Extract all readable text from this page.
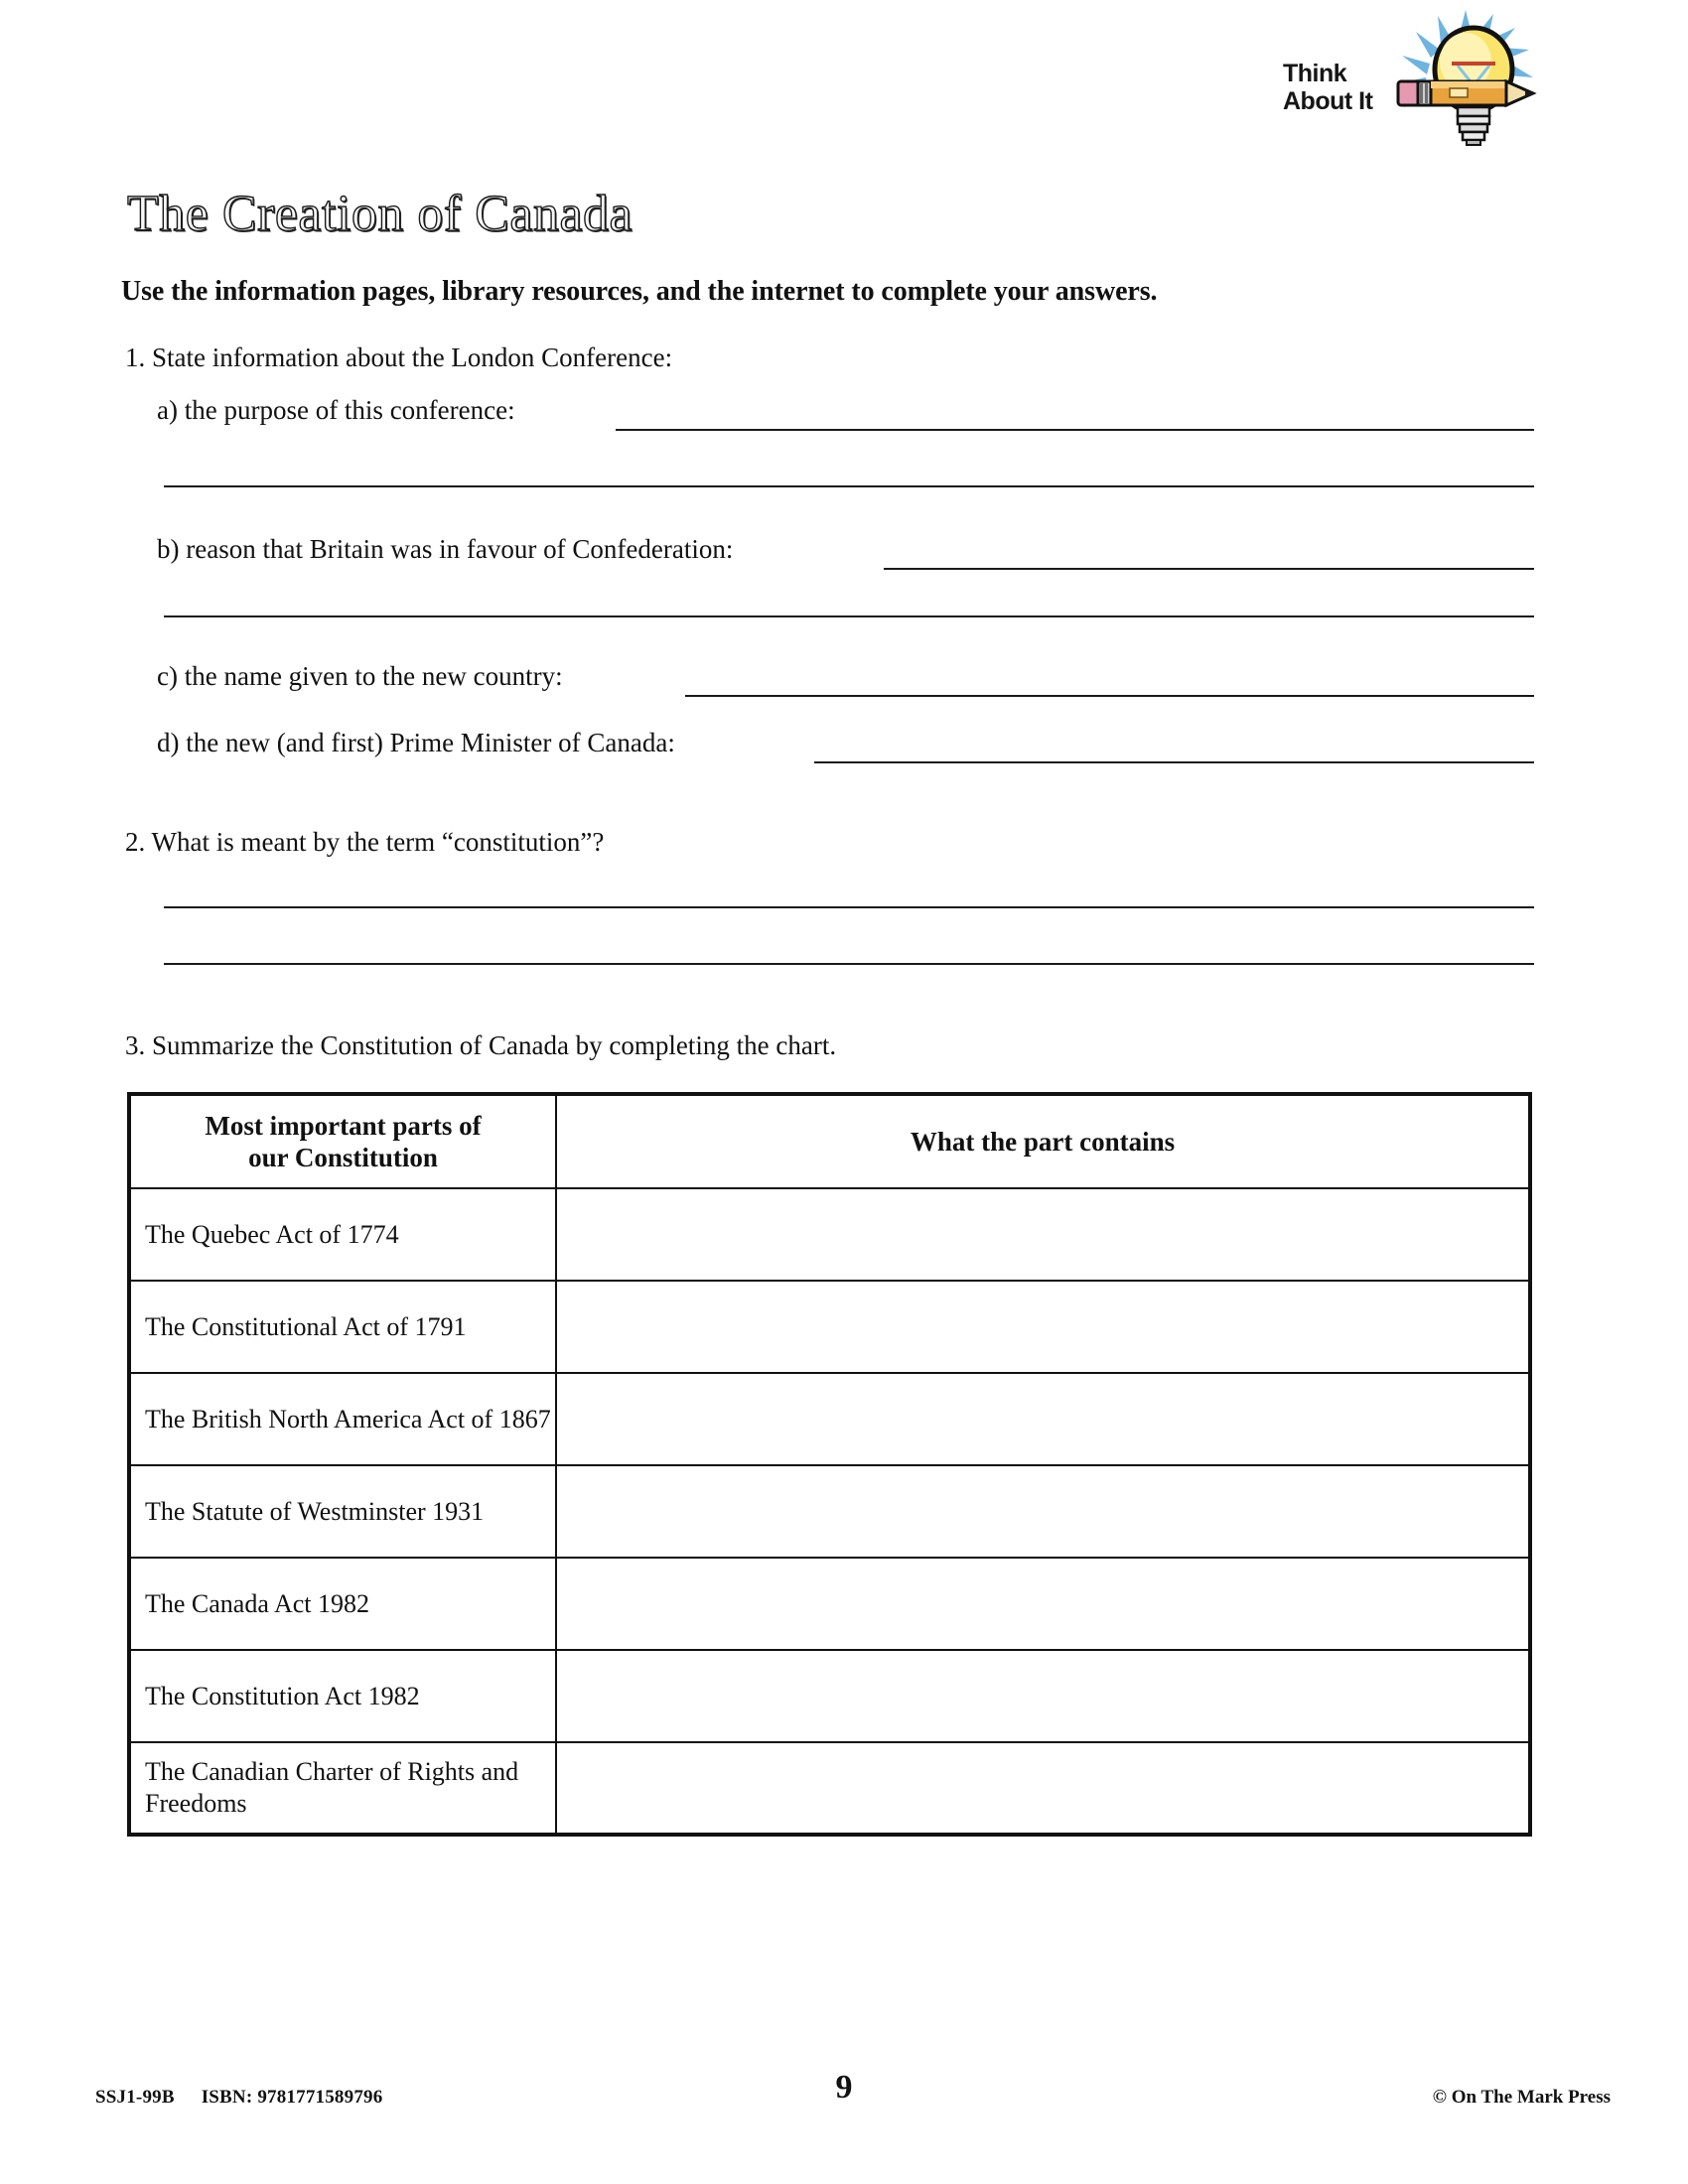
Think
About It
The Creation of Canada
Use the information pages, library resources, and the internet to complete your answers.
1. State information about the London Conference:
a) the purpose of this conference:
b) reason that Britain was in favour of Confederation:
c) the name given to the new country:
d) the new (and first) Prime Minister of Canada:
2. What is meant by the term “constitution”?
3. Summarize the Constitution of Canada by completing the chart.
Most important parts of
our Constitution	What the part contains
The Quebec Act of 1774	
The Constitutional Act of 1791	
The British North America Act of 1867	
The Statute of Westminster 1931	
The Canada Act 1982	
The Constitution Act 1982	
The Canadian Charter of Rights and Freedoms	
SSJ1-99B ISBN: 9781771589796	9	© On The Mark Press
